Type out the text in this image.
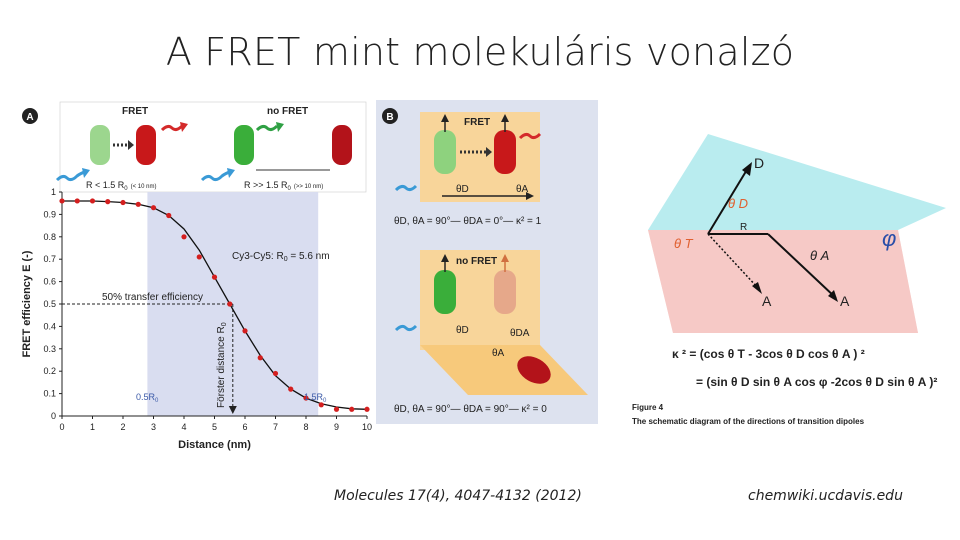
A FRET mint molekuláris vonalzó
A
FRET	no FRET
R < 1.5 $R_0$ $^{(< 10 nm)}$	R >> 1.5 $R_0$ $^{(>> 10 nm)}$
0	1	2	3	4	5	6	7	8	9	10
0
0.1
0.2
0.3
0.4
0.5
0.6
0.7
0.8
0.9
1
Distance (nm)
FRET efficiency E (-)	Cy3-Cy5: $R_0 = 5.6$ nm
50% transfer efficiency
Förster distance $R_0$
$0.5R_0$	$1.5R_0$
B	FRET
θD	θA
θD, θA = 90°— θDA = 0°— κ² = 1
no FRET
θD	θDA
θA
θD, θA = 90°— θDA = 90°— κ² = 0
D
R
A	A
θ D
θ T
θ A
φ
κ ² = (cos θ T - 3cos θ D cos θ A ) ²
= (sin θ D sin θ A cos φ -2cos θ D sin θ A )²
Figure 4
The schematic diagram of the directions of transition dipoles
Molecules 17(4), 4047-4132 (2012)	chemwiki.ucdavis.edu
